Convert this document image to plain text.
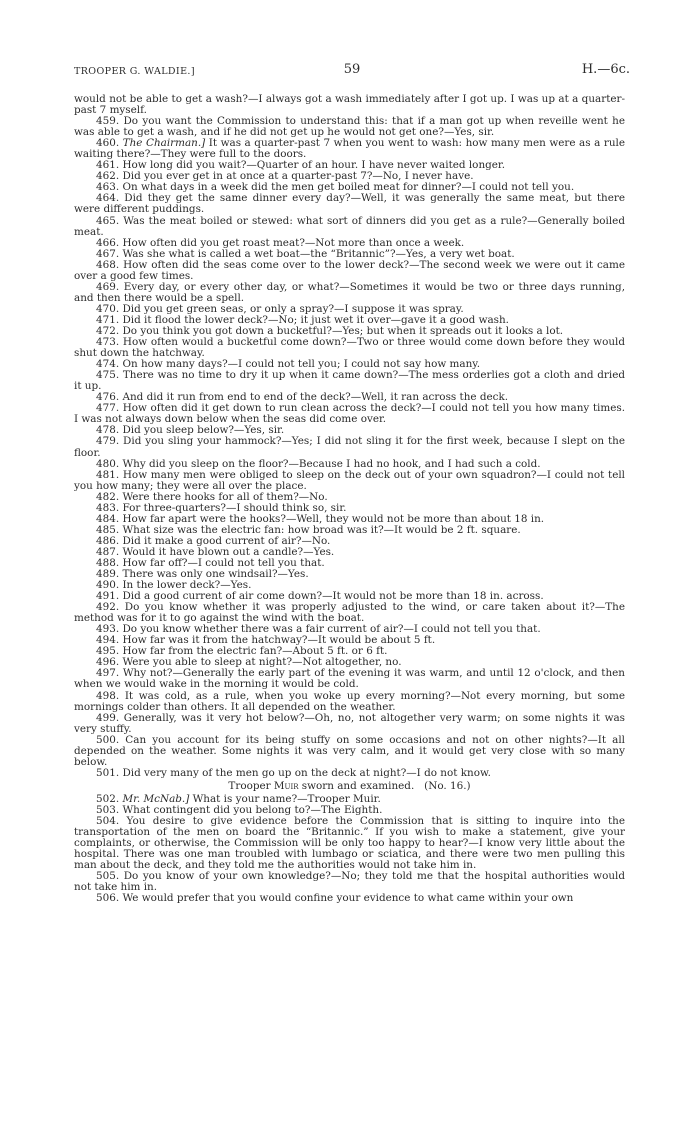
TROOPER G. WALDIE.]	59	H.—6c.

would not be able to get a wash?—I always got a wash immediately after I got up. I was up at a quarter-past 7 myself.

459. Do you want the Commission to understand this: that if a man got up when reveille went he was able to get a wash, and if he did not get up he would not get one?—Yes, sir.

460. The Chairman.] It was a quarter-past 7 when you went to wash: how many men were as a rule waiting there?—They were full to the doors.

461. How long did you wait?—Quarter of an hour. I have never waited longer.

462. Did you ever get in at once at a quarter-past 7?—No, I never have.

463. On what days in a week did the men get boiled meat for dinner?—I could not tell you.

464. Did they get the same dinner every day?—Well, it was generally the same meat, but there were different puddings.

465. Was the meat boiled or stewed: what sort of dinners did you get as a rule?—Generally boiled meat.

466. How often did you get roast meat?—Not more than once a week.

467. Was she what is called a wet boat—the “Britannic”?—Yes, a very wet boat.

468. How often did the seas come over to the lower deck?—The second week we were out it came over a good few times.

469. Every day, or every other day, or what?—Sometimes it would be two or three days running, and then there would be a spell.

470. Did you get green seas, or only a spray?—I suppose it was spray.

471. Did it flood the lower deck?—No; it just wet it over—gave it a good wash.

472. Do you think you got down a bucketful?—Yes; but when it spreads out it looks a lot.

473. How often would a bucketful come down?—Two or three would come down before they would shut down the hatchway.

474. On how many days?—I could not tell you; I could not say how many.

475. There was no time to dry it up when it came down?—The mess orderlies got a cloth and dried it up.

476. And did it run from end to end of the deck?—Well, it ran across the deck.

477. How often did it get down to run clean across the deck?—I could not tell you how many times. I was not always down below when the seas did come over.

478. Did you sleep below?—Yes, sir.

479. Did you sling your hammock?—Yes; I did not sling it for the first week, because I slept on the floor.

480. Why did you sleep on the floor?—Because I had no hook, and I had such a cold.

481. How many men were obliged to sleep on the deck out of your own squadron?—I could not tell you how many; they were all over the place.

482. Were there hooks for all of them?—No.

483. For three-quarters?—I should think so, sir.

484. How far apart were the hooks?—Well, they would not be more than about 18 in.

485. What size was the electric fan: how broad was it?—It would be 2 ft. square.

486. Did it make a good current of air?—No.

487. Would it have blown out a candle?—Yes.

488. How far off?—I could not tell you that.

489. There was only one windsail?—Yes.

490. In the lower deck?—Yes.

491. Did a good current of air come down?—It would not be more than 18 in. across.

492. Do you know whether it was properly adjusted to the wind, or care taken about it?—The method was for it to go against the wind with the boat.

493. Do you know whether there was a fair current of air?—I could not tell you that.

494. How far was it from the hatchway?—It would be about 5 ft.

495. How far from the electric fan?—About 5 ft. or 6 ft.

496. Were you able to sleep at night?—Not altogether, no.

497. Why not?—Generally the early part of the evening it was warm, and until 12 o'clock, and then when we would wake in the morning it would be cold.

498. It was cold, as a rule, when you woke up every morning?—Not every morning, but some mornings colder than others. It all depended on the weather.

499. Generally, was it very hot below?—Oh, no, not altogether very warm; on some nights it was very stuffy.

500. Can you account for its being stuffy on some occasions and not on other nights?—It all depended on the weather. Some nights it was very calm, and it would get very close with so many below.

501. Did very many of the men go up on the deck at night?—I do not know.

Trooper Muir sworn and examined. (No. 16.)

502. Mr. McNab.] What is your name?—Trooper Muir.

503. What contingent did you belong to?—The Eighth.

504. You desire to give evidence before the Commission that is sitting to inquire into the transportation of the men on board the “Britannic.” If you wish to make a statement, give your complaints, or otherwise, the Commission will be only too happy to hear?—I know very little about the hospital. There was one man troubled with lumbago or sciatica, and there were two men pulling this man about the deck, and they told me the authorities would not take him in.

505. Do you know of your own knowledge?—No; they told me that the hospital authorities would not take him in.

506. We would prefer that you would confine your evidence to what came within your own
